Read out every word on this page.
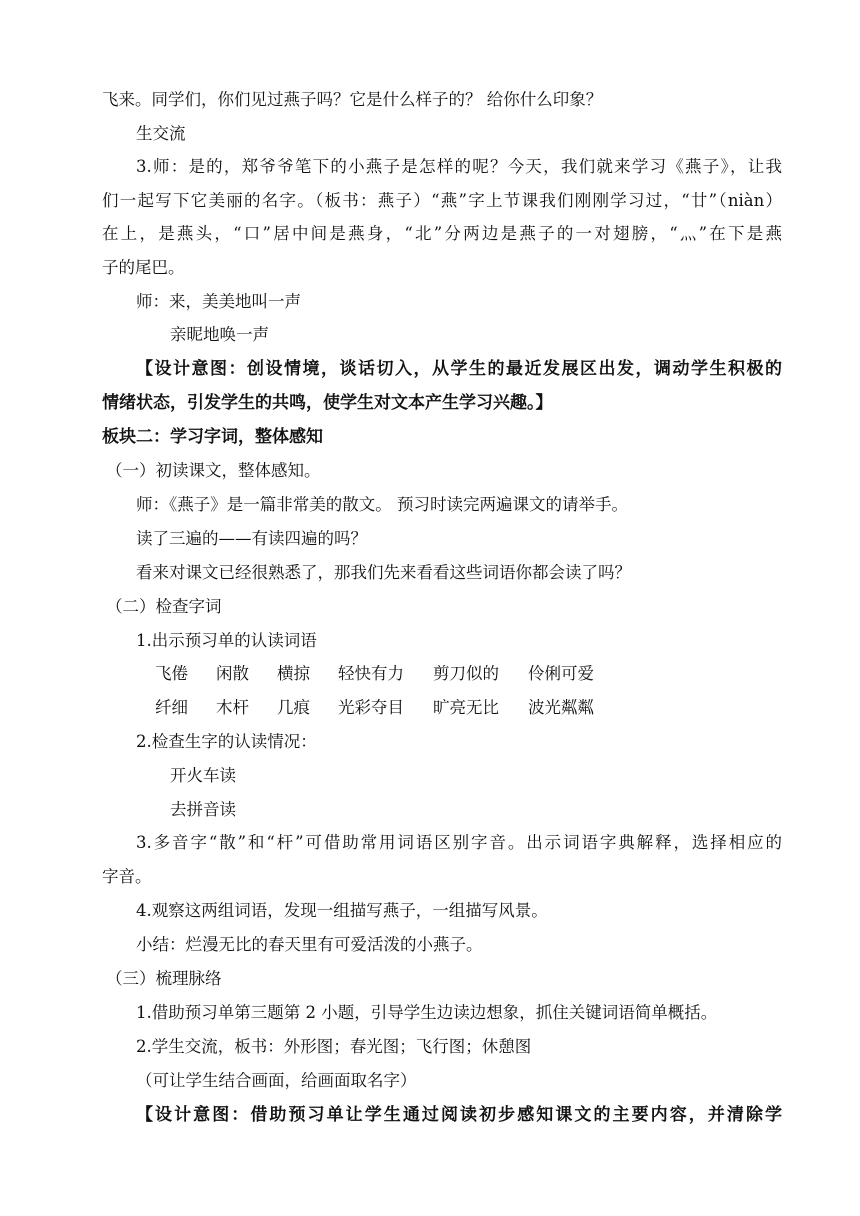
飞来。同学们，你们见过燕子吗？它是什么样子的？ 给你什么印象？
生交流
3.师：是的，郑爷爷笔下的小燕子是怎样的呢？今天，我们就来学习《燕子》，让我
们一起写下它美丽的名字。（板书：燕子）“燕”字上节课我们刚刚学习过，“廿”（niàn）
在上，是燕头，“口”居中间是燕身，“北”分两边是燕子的一对翅膀，“灬”在下是燕
子的尾巴。
师：来，美美地叫一声
亲昵地唤一声
【设计意图：创设情境，谈话切入，从学生的最近发展区出发，调动学生积极的
情绪状态，引发学生的共鸣，使学生对文本产生学习兴趣。】
板块二：学习字词，整体感知
（一）初读课文，整体感知。
师：《燕子》是一篇非常美的散文。 预习时读完两遍课文的请举手。
读了三遍的——有读四遍的吗？
看来对课文已经很熟悉了，那我们先来看看这些词语你都会读了吗？
（二）检查字词
1.出示预习单的认读词语
飞倦 闲散 横掠 轻快有力 剪刀似的 伶俐可爱
纤细 木杆 几痕 光彩夺目 旷亮无比 波光粼粼
2.检查生字的认读情况：
开火车读
去拼音读
3.多音字“散”和“杆”可借助常用词语区别字音。出示词语字典解释，选择相应的
字音。
4.观察这两组词语，发现一组描写燕子，一组描写风景。
小结：烂漫无比的春天里有可爱活泼的小燕子。
（三）梳理脉络
1.借助预习单第三题第 2 小题，引导学生边读边想象，抓住关键词语简单概括。
2.学生交流，板书：外形图；春光图；飞行图；休憩图
（可让学生结合画面，给画面取名字）
【设计意图：借助预习单让学生通过阅读初步感知课文的主要内容，并清除学
